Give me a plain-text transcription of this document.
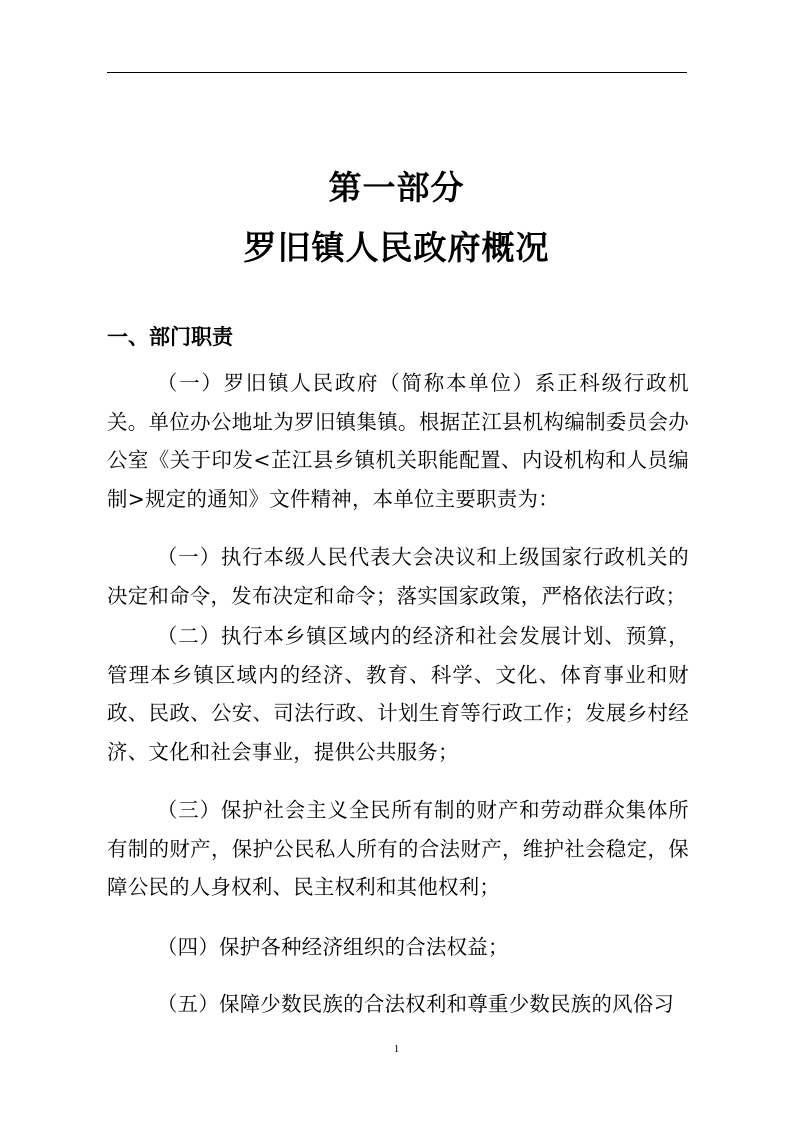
第一部分
罗旧镇人民政府概况
一、部门职责

（一）罗旧镇人民政府（简称本单位）系正科级行政机关。单位办公地址为罗旧镇集镇。根据芷江县机构编制委员会办公室《关于印发<芷江县乡镇机关职能配置、内设机构和人员编制>规定的通知》文件精神，本单位主要职责为：

（一）执行本级人民代表大会决议和上级国家行政机关的决定和命令，发布决定和命令；落实国家政策，严格依法行政；

（二）执行本乡镇区域内的经济和社会发展计划、预算，管理本乡镇区域内的经济、教育、科学、文化、体育事业和财政、民政、公安、司法行政、计划生育等行政工作；发展乡村经济、文化和社会事业，提供公共服务；

（三）保护社会主义全民所有制的财产和劳动群众集体所有制的财产，保护公民私人所有的合法财产，维护社会稳定，保障公民的人身权利、民主权利和其他权利；

（四）保护各种经济组织的合法权益；

（五）保障少数民族的合法权利和尊重少数民族的风俗习

1
